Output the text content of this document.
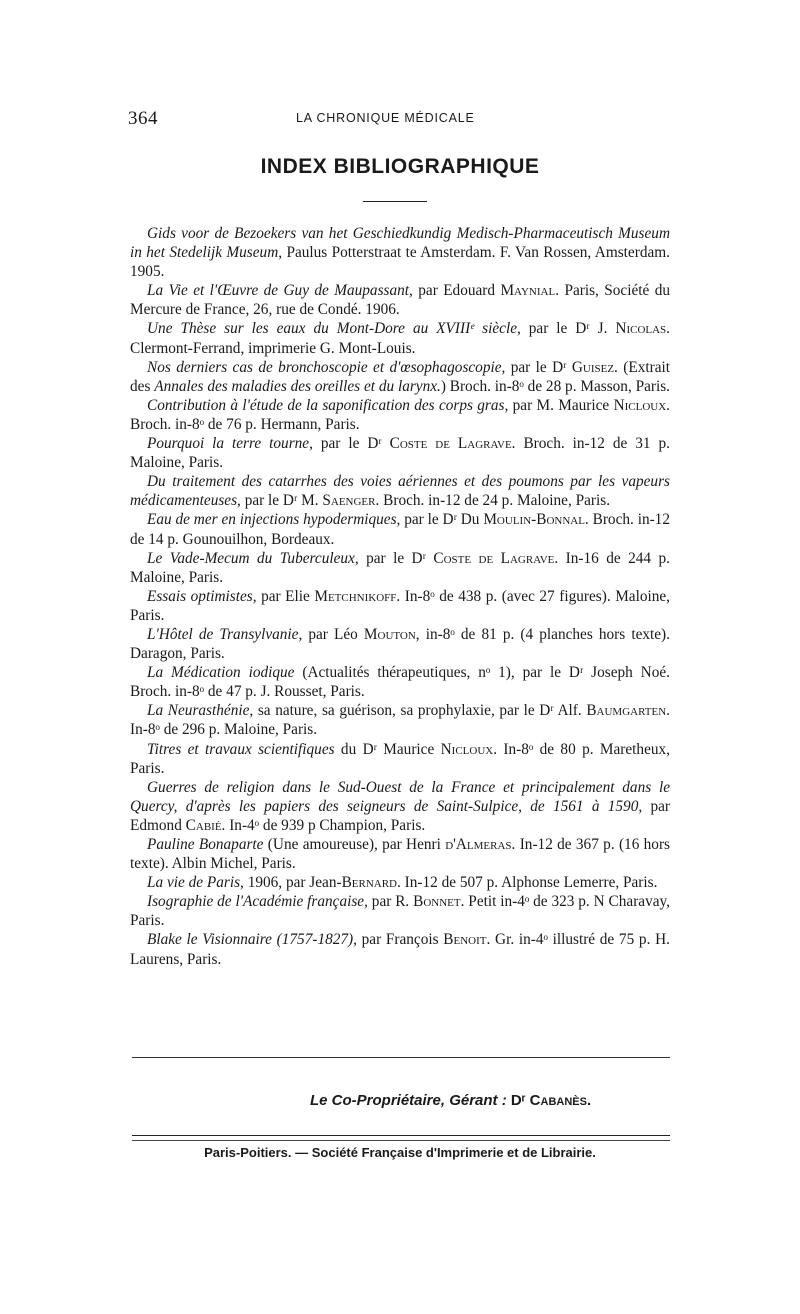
364	LA CHRONIQUE MÉDICALE
INDEX BIBLIOGRAPHIQUE

Gids voor de Bezoekers van het Geschiedkundig Medisch-Pharmaceutisch Museum in het Stedelijk Museum, Paulus Potterstraat te Amsterdam. F. Van Rossen, Amsterdam. 1905.

La Vie et l'Œuvre de Guy de Maupassant, par Edouard Maynial. Paris, Société du Mercure de France, 26, rue de Condé. 1906.

Une Thèse sur les eaux du Mont-Dore au XVIIIᵉ siècle, par le Dʳ J. Nicolas. Clermont-Ferrand, imprimerie G. Mont-Louis.

Nos derniers cas de bronchoscopie et d'œsophagoscopie, par le Dʳ Guisez. (Extrait des Annales des maladies des oreilles et du larynx.) Broch. in-8ᵒ de 28 p. Masson, Paris.

Contribution à l'étude de la saponification des corps gras, par M. Maurice Nicloux. Broch. in-8ᵒ de 76 p. Hermann, Paris.

Pourquoi la terre tourne, par le Dʳ Coste de Lagrave. Broch. in-12 de 31 p. Maloine, Paris.

Du traitement des catarrhes des voies aériennes et des poumons par les vapeurs médicamenteuses, par le Dʳ M. Saenger. Broch. in-12 de 24 p. Maloine, Paris.

Eau de mer en injections hypodermiques, par le Dʳ Du Moulin-Bonnal. Broch. in-12 de 14 p. Gounouilhon, Bordeaux.

Le Vade-Mecum du Tuberculeux, par le Dʳ Coste de Lagrave. In-16 de 244 p. Maloine, Paris.

Essais optimistes, par Elie Metchnikoff. In-8ᵒ de 438 p. (avec 27 figures). Maloine, Paris.

L'Hôtel de Transylvanie, par Léo Mouton, in-8ᵒ de 81 p. (4 planches hors texte). Daragon, Paris.

La Médication iodique (Actualités thérapeutiques, nᵒ 1), par le Dʳ Joseph Noé. Broch. in-8ᵒ de 47 p. J. Rousset, Paris.

La Neurasthénie, sa nature, sa guérison, sa prophylaxie, par le Dʳ Alf. Baumgarten. In-8ᵒ de 296 p. Maloine, Paris.

Titres et travaux scientifiques du Dʳ Maurice Nicloux. In-8ᵒ de 80 p. Maretheux, Paris.

Guerres de religion dans le Sud-Ouest de la France et principalement dans le Quercy, d'après les papiers des seigneurs de Saint-Sulpice, de 1561 à 1590, par Edmond Cabié. In-4ᵒ de 939 p Champion, Paris.

Pauline Bonaparte (Une amoureuse), par Henri d'Almeras. In-12 de 367 p. (16 hors texte). Albin Michel, Paris.

La vie de Paris, 1906, par Jean-Bernard. In-12 de 507 p. Alphonse Lemerre, Paris.

Isographie de l'Académie française, par R. Bonnet. Petit in-4ᵒ de 323 p. N Charavay, Paris.

Blake le Visionnaire (1757-1827), par François Benoit. Gr. in-4ᵒ illustré de 75 p. H. Laurens, Paris.

Le Co-Propriétaire, Gérant : Dʳ Cabanès.
Paris-Poitiers. — Société Française d'Imprimerie et de Librairie.
